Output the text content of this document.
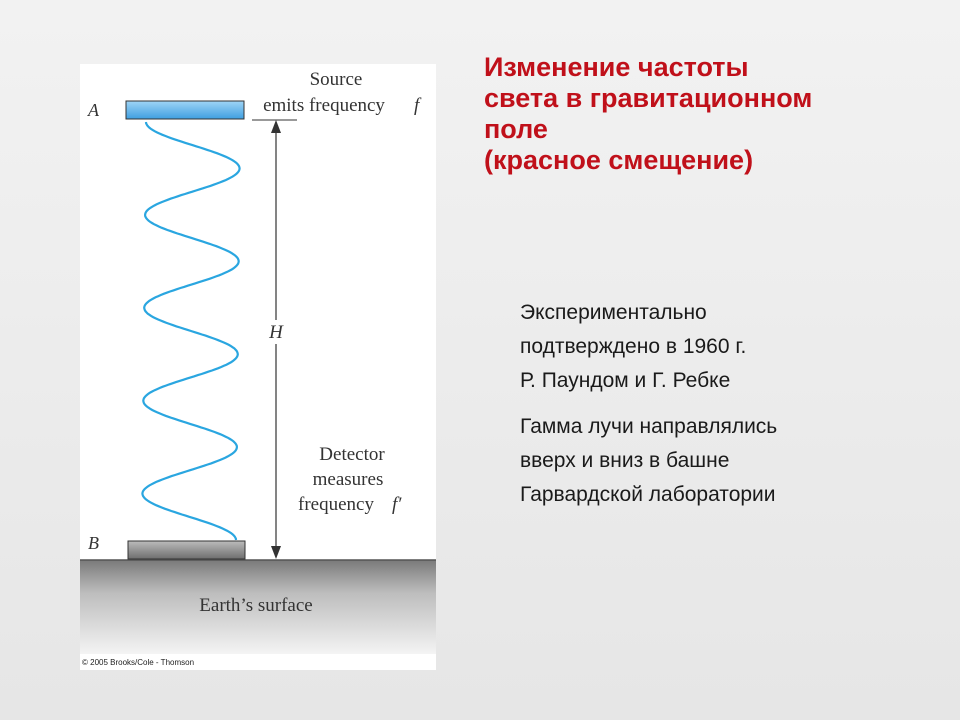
Earth’s surface
A
B
H
Source
emits frequency f
Detector
measures
frequency f′
© 2005 Brooks/Cole - Thomson
Изменение частоты
света в гравитационном
поле
(красное смещение)
Экспериментально
подтверждено в 1960 г.
Р. Паундом и Г. Ребке
Гамма лучи направлялись
вверх и вниз в башне
Гарвардской лаборатории
